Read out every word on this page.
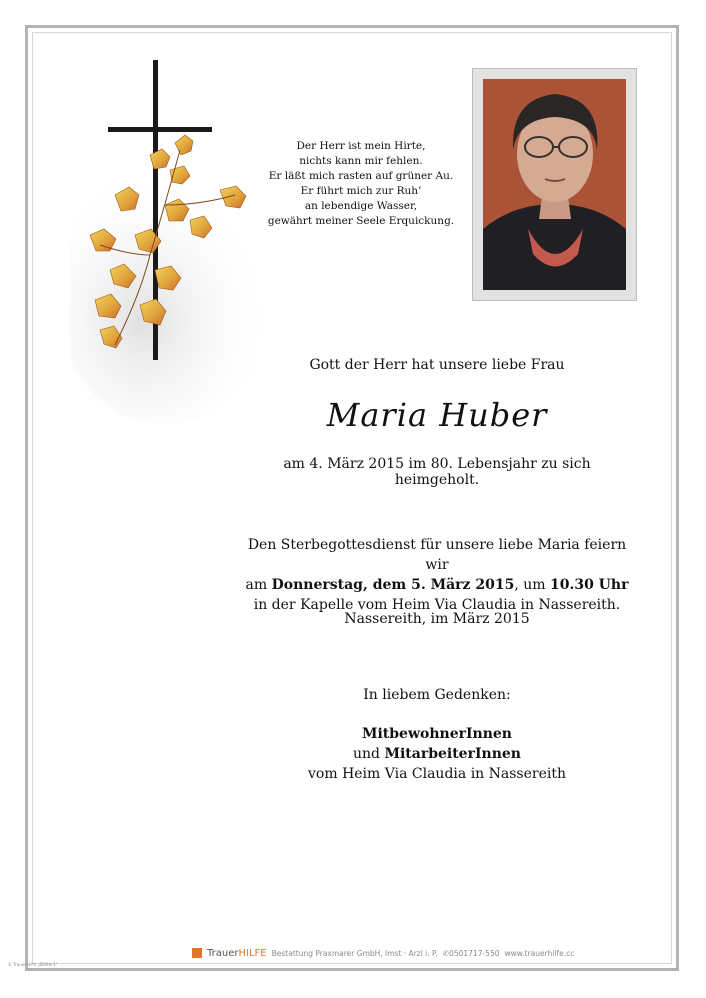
Der Herr ist mein Hirte,
nichts kann mir fehlen.
Er läßt mich rasten auf grüner Au.
Er führt mich zur Ruh’
an lebendige Wasser,
gewährt meiner Seele Erquickung.
Gott der Herr hat unsere liebe Frau
Maria Huber
am 4. März 2015 im 80. Lebensjahr zu sich heimgeholt.
Den Sterbegottesdienst für unsere liebe Maria feiern wir
am Donnerstag, dem 5. März 2015, um 10.30 Uhr
in der Kapelle vom Heim Via Claudia in Nassereith.
Nassereith, im März 2015
In liebem Gedenken:
MitbewohnerInnen
und MitarbeiterInnen
vom Heim Via Claudia in Nassereith
TrauerHILFE Bestattung Praxmarer GmbH, Imst · Arzl i. P. ✆0501717-550 www.trauerhilfe.cc
© Trauer Hilfe „Blätter1“
